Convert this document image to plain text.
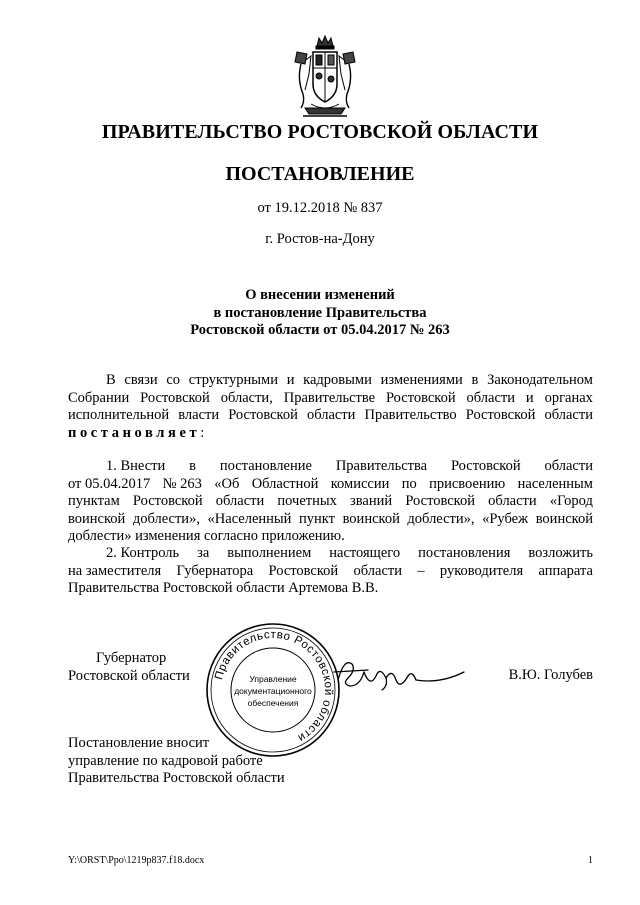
ПРАВИТЕЛЬСТВО РОСТОВСКОЙ ОБЛАСТИ
ПОСТАНОВЛЕНИЕ
от 19.12.2018 № 837
г. Ростов-на-Дону
О внесении изменений
в постановление Правительства
Ростовской области от 05.04.2017 № 263
В связи со структурными и кадровыми изменениями в Законодательном
Собрании Ростовской области, Правительстве Ростовской области и органах
исполнительной власти Ростовской области Правительство Ростовской области
постановляет:
1. Внести в постановление Правительства Ростовской области
от 05.04.2017 № 263 «Об Областной комиссии по присвоению населенным
пунктам Ростовской области почетных званий Ростовской области «Город
воинской доблести», «Населенный пункт воинской доблести», «Рубеж воинской
доблести» изменения согласно приложению.
2. Контроль за выполнением настоящего постановления возложить
на заместителя Губернатора Ростовской области – руководителя аппарата
Правительства Ростовской области Артемова В.В.
Губернатор
Ростовской области Правительство Ростовской области
Управление
документационного
обеспечения
В.Ю. Голубев
Постановление вносит
управление по кадровой работе
Правительства Ростовской области
Y:\ORST\Ppo\1219p837.f18.docx	1
